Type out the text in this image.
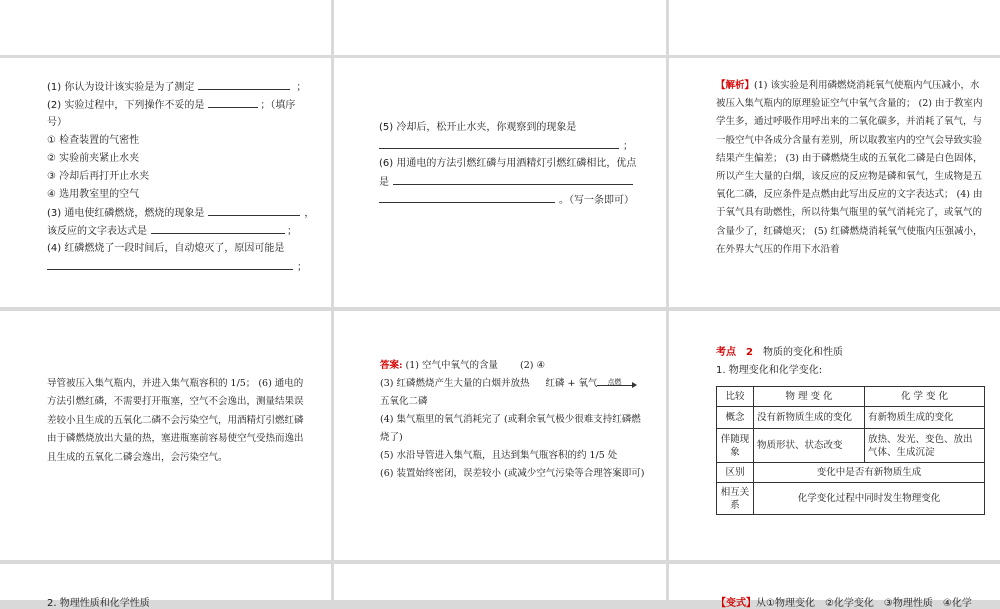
(1) 你认为设计该实验是为了测定	；
(2) 实验过程中，下列操作不妥的是	；（填序
号）
① 检查装置的气密性
② 实验前夹紧止水夹
③ 冷却后再打开止水夹
④ 选用教室里的空气
(3) 通电使红磷燃烧，燃烧的现象是	，
该反应的文字表达式是	；
(4) 红磷燃烧了一段时间后，自动熄灭了，原因可能是
；
(5) 冷却后，松开止水夹，你观察到的现象是
；
(6) 用通电的方法引燃红磷与用酒精灯引燃红磷相比，优点
是
。（写一条即可）
【解析】(1) 该实验是利用磷燃烧消耗氧气使瓶内气压减小，水被压入集气瓶内的原理验证空气中氧气含量的； (2) 由于教室内学生多，通过呼吸作用呼出来的二氧化碳多，并消耗了氧气，与一般空气中各成分含量有差别，所以取教室内的空气会导致实验结果产生偏差； (3) 由于磷燃烧生成的五氧化二磷是白色固体，所以产生大量的白烟，该反应的反应物是磷和氧气，生成物是五氧化二磷，反应条件是点燃由此写出反应的文字表达式； (4) 由于氧气具有助燃性，所以待集气瓶里的氧气消耗完了，或氧气的含量少了，红磷熄灭； (5) 红磷燃烧消耗氧气使瓶内压强减小，在外界大气压的作用下水沿着
导管被压入集气瓶内，并进入集气瓶容积的 1/5； (6) 通电的方法引燃红磷，不需要打开瓶塞，空气不会逸出，测量结果误差较小且生成的五氧化二磷不会污染空气，用酒精灯引燃红磷由于磷燃烧放出大量的热，塞进瓶塞前容易使空气受热而逸出且生成的五氧化二磷会逸出，会污染空气。
答案: (1) 空气中氧气的含量 (2) ④
(3) 红磷燃烧产生大量的白烟并放热 红磷 + 氧气 点燃
五氧化二磷
(4) 集气瓶里的氧气消耗完了 (或剩余氧气极少很难支持红磷燃烧了)
(5) 水沿导管进入集气瓶，且达到集气瓶容积的约 1/5 处
(6) 装置始终密闭，误差较小 (或减少空气污染等合理答案即可)
考点　2 物质的变化和性质
1. 物理变化和化学变化:
比较	物 理 变 化	化 学 变 化
概念	没有新物质生成的变化	有新物质生成的变化
伴随现象	物质形状、状态改变	放热、发光、变色、放出气体、生成沉淀
区别	变化中是否有新物质生成	
相互关系	化学变化过程中同时发生物理变化	
2. 物理性质和化学性质	【变式】从①物理变化　②化学变化　③物理性质　④化学
